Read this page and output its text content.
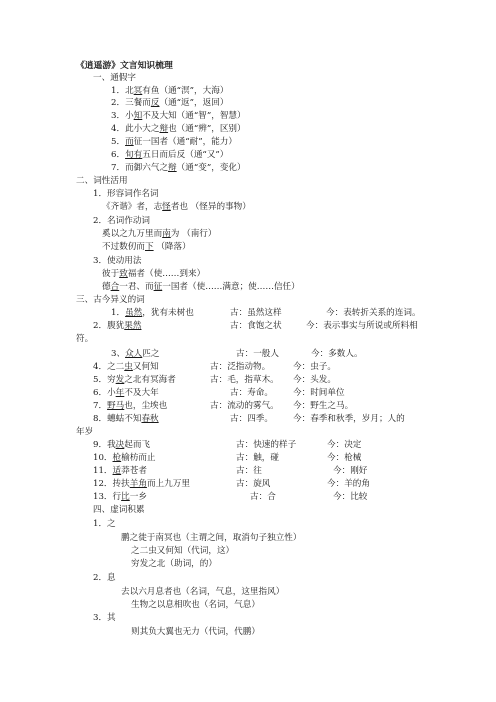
《逍遥游》文言知识梳理
一、通假字
1．北冥有鱼（通“溟”，大海）
2．三餐而反（通“返”，返回）
3．小知不及大知（通“智”，智慧）
4．此小大之辩也（通“辨”，区别）
5．而征一国者（通“耐”，能力）
6．旬有五日而后反（通“又”）
7．而御六气之辩（通“变”，变化）
二、词性活用
1．形容词作名词
《齐谐》者，志怪者也 （怪异的事物）
2．名词作动词
奚以之九万里而南为 （南行）
不过数仞而下 （降落）
3．使动用法
彼于致福者（使……到来）
德合一君、而征一国者（使……满意；使……信任）
三、古今异义的词
1．虽然，犹有未树也	古：虽然这样	今：表转折关系的连词。
2．腹犹果然	古：食饱之状	今：表示事实与所说或所料相
符。
3、众人匹之	古：一般人	今：多数人。
4．之二虫又何知	古：泛指动物。	今：虫子。
5．穷发之北有冥海者	古：毛，指草木。 今：头发。
6．小年不及大年	古：寿命。 今：时间单位
7．野马也，尘埃也	古：流动的雾气。 今：野生之马。
8．蟪蛄不知春秋	古：四季。 今：春季和秋季，岁月；人的
年岁
9．我决起而飞	古：快速的样子	今：决定
10．枪榆枋而止	古：触，碰	今：枪械
11．适莽苍者	古：往	今：刚好
12．抟扶羊角而上九万里	古：旋风	今：羊的角
13．行比一乡	古：合	今：比较
四、虚词积累
1．之
鹏之徙于南冥也（主谓之间，取消句子独立性）
之二虫又何知（代词，这）
穷发之北（助词，的）
2．息
去以六月息者也（名词，气息，这里指风）
生物之以息相吹也（名词，气息）
3．其
则其负大翼也无力（代词，代鹏）
